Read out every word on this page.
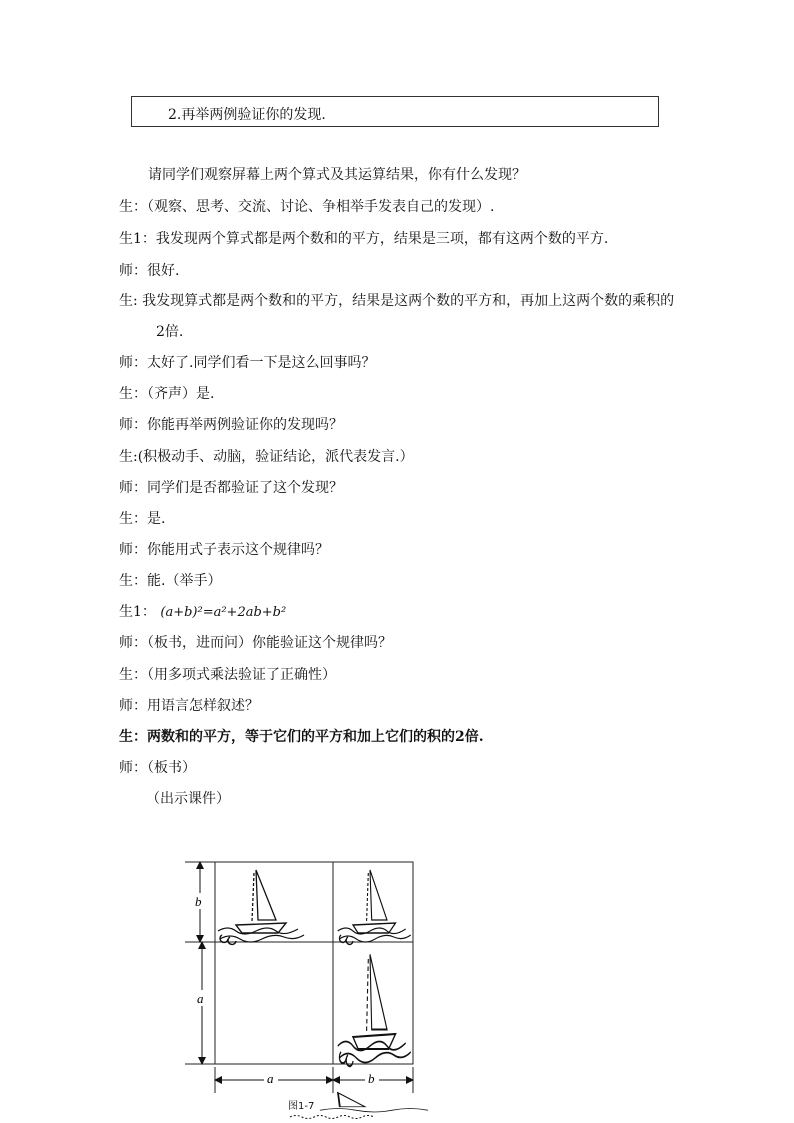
2.再举两例验证你的发现.
请同学们观察屏幕上两个算式及其运算结果，你有什么发现？
生：（观察、思考、交流、讨论、争相举手发表自己的发现）.
生1：我发现两个算式都是两个数和的平方，结果是三项，都有这两个数的平方.
师：很好.
生: 我发现算式都是两个数和的平方，结果是这两个数的平方和，再加上这两个数的乘积的
2倍.
师：太好了.同学们看一下是这么回事吗？
生：（齐声）是.
师：你能再举两例验证你的发现吗？
生:(积极动手、动脑，验证结论，派代表发言.）
师：同学们是否都验证了这个发现？
生：是.
师：你能用式子表示这个规律吗？
生：能.（举手）
生1： (a+b)²=a²+2ab+b²
师：（板书，进而问）你能验证这个规律吗？
生：（用多项式乘法验证了正确性）
师：用语言怎样叙述？
生：两数和的平方，等于它们的平方和加上它们的积的2倍.
师：（板书）
（出示课件）
b
a
a	b
图1-7
